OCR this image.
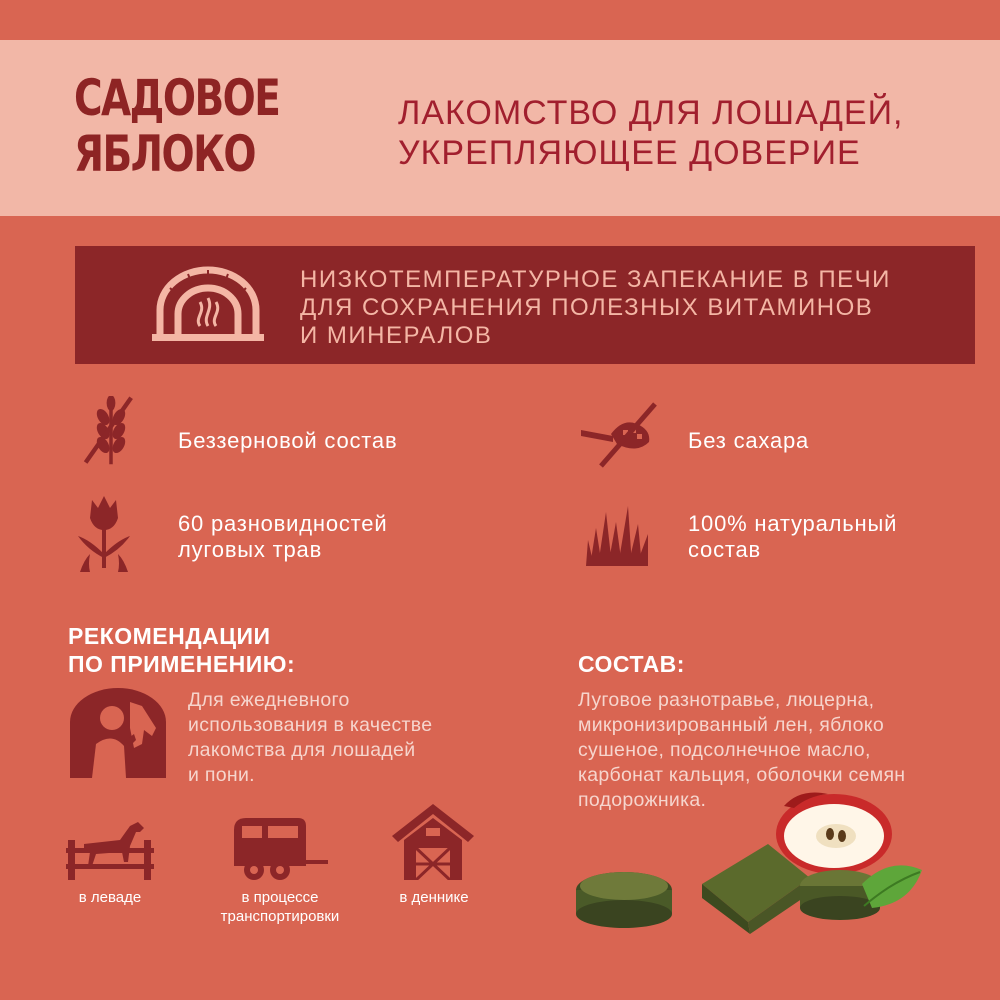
САДОВОЕ
ЯБЛОКО
ЛАКОМСТВО ДЛЯ ЛОШАДЕЙ,
УКРЕПЛЯЮЩЕЕ ДОВЕРИЕ
НИЗКОТЕМПЕРАТУРНОЕ ЗАПЕКАНИЕ В ПЕЧИ
ДЛЯ СОХРАНЕНИЯ ПОЛЕЗНЫХ ВИТАМИНОВ
И МИНЕРАЛОВ
Беззерновой состав	Без сахара
60 разновидностей
луговых трав
100% натуральный
состав
РЕКОМЕНДАЦИИ
ПО ПРИМЕНЕНИЮ:
Для ежедневного
использования в качестве
лакомства для лошадей
и пони.
в леваде	в процессе
транспортировки
в деннике
СОСТАВ:
Луговое разнотравье, люцерна,
микронизированный лен, яблоко
сушеное, подсолнечное масло,
карбонат кальция, оболочки семян
подорожника.
